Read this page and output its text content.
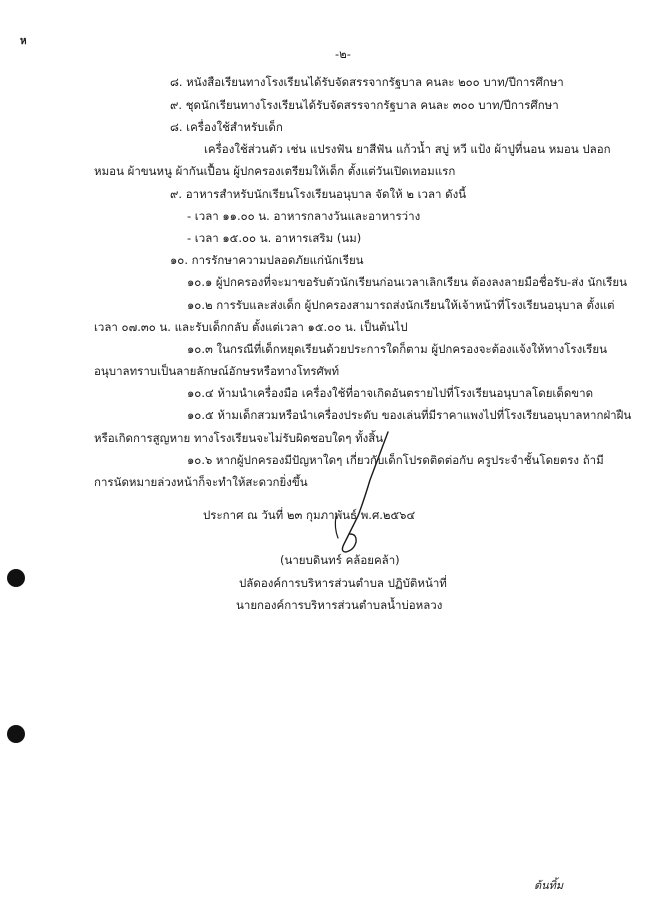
ห
-๒-
๘. หนังสือเรียนทางโรงเรียนได้รับจัดสรรจากรัฐบาล คนละ ๒๐๐ บาท/ปีการศึกษา
๙. ชุดนักเรียนทางโรงเรียนได้รับจัดสรรจากรัฐบาล คนละ ๓๐๐ บาท/ปีการศึกษา
๘. เครื่องใช้สำหรับเด็ก
เครื่องใช้ส่วนตัว เช่น แปรงฟัน ยาสีฟัน แก้วน้ำ สบู่ หวี แป้ง ผ้าปูที่นอน หมอน ปลอก
หมอน ผ้าขนหนู ผ้ากันเปื้อน ผู้ปกครองเตรียมให้เด็ก ตั้งแต่วันเปิดเทอมแรก
๙. อาหารสำหรับนักเรียนโรงเรียนอนุบาล จัดให้ ๒ เวลา ดังนี้
- เวลา ๑๑.๐๐ น. อาหารกลางวันและอาหารว่าง
- เวลา ๑๕.๐๐ น. อาหารเสริม (นม)
๑๐. การรักษาความปลอดภัยแก่นักเรียน
๑๐.๑ ผู้ปกครองที่จะมาขอรับตัวนักเรียนก่อนเวลาเลิกเรียน ต้องลงลายมือชื่อรับ-ส่ง นักเรียน
๑๐.๒ การรับและส่งเด็ก ผู้ปกครองสามารถส่งนักเรียนให้เจ้าหน้าที่โรงเรียนอนุบาล ตั้งแต่
เวลา ๐๗.๓๐ น. และรับเด็กกลับ ตั้งแต่เวลา ๑๕.๐๐ น. เป็นต้นไป
๑๐.๓ ในกรณีที่เด็กหยุดเรียนด้วยประการใดก็ตาม ผู้ปกครองจะต้องแจ้งให้ทางโรงเรียน
อนุบาลทราบเป็นลายลักษณ์อักษรหรือทางโทรศัพท์
๑๐.๔ ห้ามนำเครื่องมือ เครื่องใช้ที่อาจเกิดอันตรายไปที่โรงเรียนอนุบาลโดยเด็ดขาด
๑๐.๕ ห้ามเด็กสวมหรือนำเครื่องประดับ ของเล่นที่มีราคาแพงไปที่โรงเรียนอนุบาลหากฝ่าฝืน
หรือเกิดการสูญหาย ทางโรงเรียนจะไม่รับผิดชอบใดๆ ทั้งสิ้น
๑๐.๖ หากผู้ปกครองมีปัญหาใดๆ เกี่ยวกับเด็กโปรดติดต่อกับ ครูประจำชั้นโดยตรง ถ้ามี
การนัดหมายล่วงหน้าก็จะทำให้สะดวกยิ่งขึ้น
ประกาศ ณ วันที่ ๒๓ กุมภาพันธ์ พ.ศ.๒๕๖๔
(นายบดินทร์ คล้อยคล้า)
ปลัดองค์การบริหารส่วนตำบล ปฏิบัติหน้าที่
นายกองค์การบริหารส่วนตำบลน้ำบ่อหลวง
ต้นทิ้ม
